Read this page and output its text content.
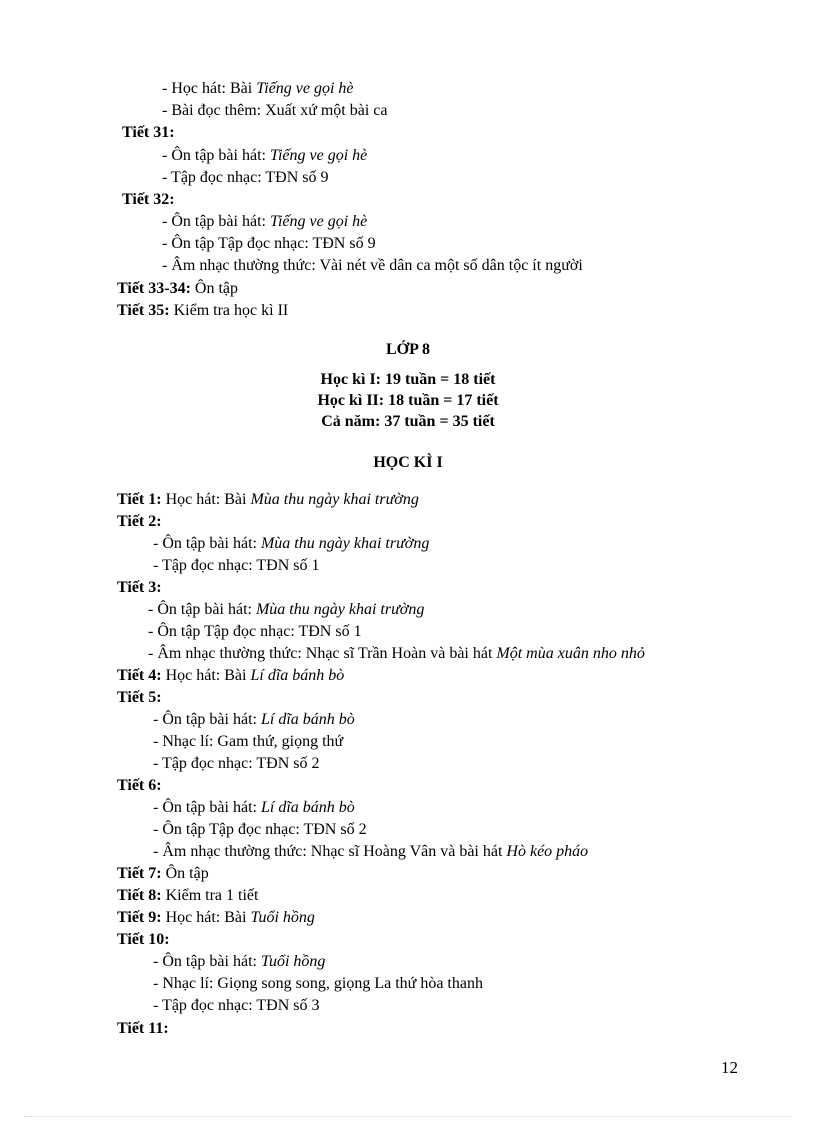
- Học hát: Bài Tiếng ve gọi hè
- Bài đọc thêm: Xuất xứ một bài ca
Tiết 31:
- Ôn tập bài hát: Tiếng ve gọi hè
- Tập đọc nhạc: TĐN số 9
Tiết 32:
- Ôn tập bài hát: Tiếng ve gọi hè
- Ôn tập Tập đọc nhạc: TĐN số 9
- Âm nhạc thường thức: Vài nét về dân ca một số dân tộc ít người
Tiết 33-34: Ôn tập
Tiết 35: Kiểm tra học kì II
LỚP 8
Học kì I: 19 tuần = 18 tiết
Học kì II: 18 tuần = 17 tiết
Cả năm: 37 tuần = 35 tiết
HỌC KÌ I
Tiết 1: Học hát: Bài Mùa thu ngày khai trường
Tiết 2:
- Ôn tập bài hát: Mùa thu ngày khai trường
- Tập đọc nhạc: TĐN số 1
Tiết 3:
- Ôn tập bài hát: Mùa thu ngày khai trường
- Ôn tập Tập đọc nhạc: TĐN số 1
- Âm nhạc thường thức: Nhạc sĩ Trần Hoàn và bài hát Một mùa xuân nho nhỏ
Tiết 4: Học hát: Bài Lí dĩa bánh bò
Tiết 5:
- Ôn tập bài hát: Lí dĩa bánh bò
- Nhạc lí: Gam thứ, giọng thứ
- Tập đọc nhạc: TĐN số 2
Tiết 6:
- Ôn tập bài hát: Lí dĩa bánh bò
- Ôn tập Tập đọc nhạc: TĐN số 2
- Âm nhạc thường thức: Nhạc sĩ Hoàng Vân và bài hát Hò kéo pháo
Tiết 7: Ôn tập
Tiết 8: Kiểm tra 1 tiết
Tiết 9: Học hát: Bài Tuổi hồng
Tiết 10:
- Ôn tập bài hát: Tuổi hồng
- Nhạc lí: Giọng song song, giọng La thứ hòa thanh
- Tập đọc nhạc: TĐN số 3
Tiết 11:
12
